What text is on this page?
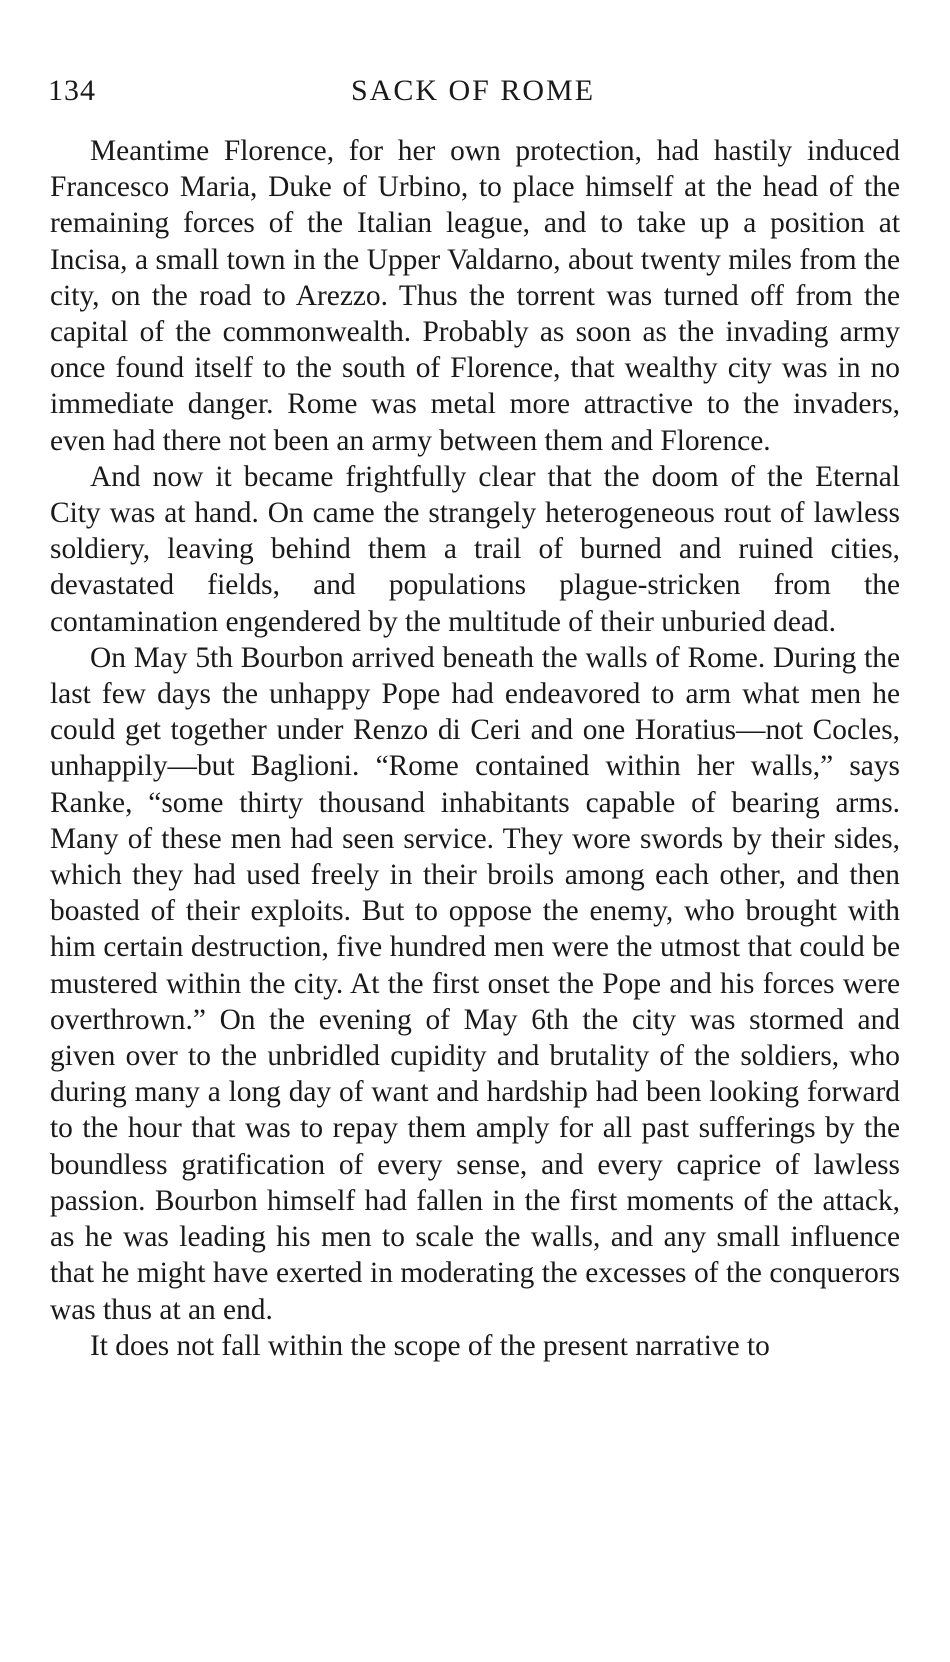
134	SACK OF ROME

Meantime Florence, for her own protection, had hastily induced Francesco Maria, Duke of Urbino, to place himself at the head of the remaining forces of the Italian league, and to take up a position at Incisa, a small town in the Upper Valdarno, about twenty miles from the city, on the road to Arezzo. Thus the torrent was turned off from the capital of the commonwealth. Probably as soon as the invading army once found itself to the south of Florence, that wealthy city was in no immediate danger. Rome was metal more attractive to the invaders, even had there not been an army between them and Florence.

And now it became frightfully clear that the doom of the Eternal City was at hand. On came the strangely heterogeneous rout of lawless soldiery, leaving behind them a trail of burned and ruined cities, devastated fields, and populations plague-stricken from the contamination engendered by the multitude of their unburied dead.

On May 5th Bourbon arrived beneath the walls of Rome. During the last few days the unhappy Pope had endeavored to arm what men he could get together under Renzo di Ceri and one Horatius—not Cocles, unhappily—but Baglioni. “Rome contained within her walls,” says Ranke, “some thirty thousand inhabitants capable of bearing arms. Many of these men had seen service. They wore swords by their sides, which they had used freely in their broils among each other, and then boasted of their exploits. But to oppose the enemy, who brought with him certain destruction, five hundred men were the utmost that could be mustered within the city. At the first onset the Pope and his forces were overthrown.” On the evening of May 6th the city was stormed and given over to the unbridled cupidity and brutality of the soldiers, who during many a long day of want and hardship had been looking forward to the hour that was to repay them amply for all past sufferings by the boundless gratification of every sense, and every caprice of lawless passion. Bourbon himself had fallen in the first moments of the attack, as he was leading his men to scale the walls, and any small influence that he might have exerted in moderating the excesses of the conquerors was thus at an end.

It does not fall within the scope of the present narrative to
